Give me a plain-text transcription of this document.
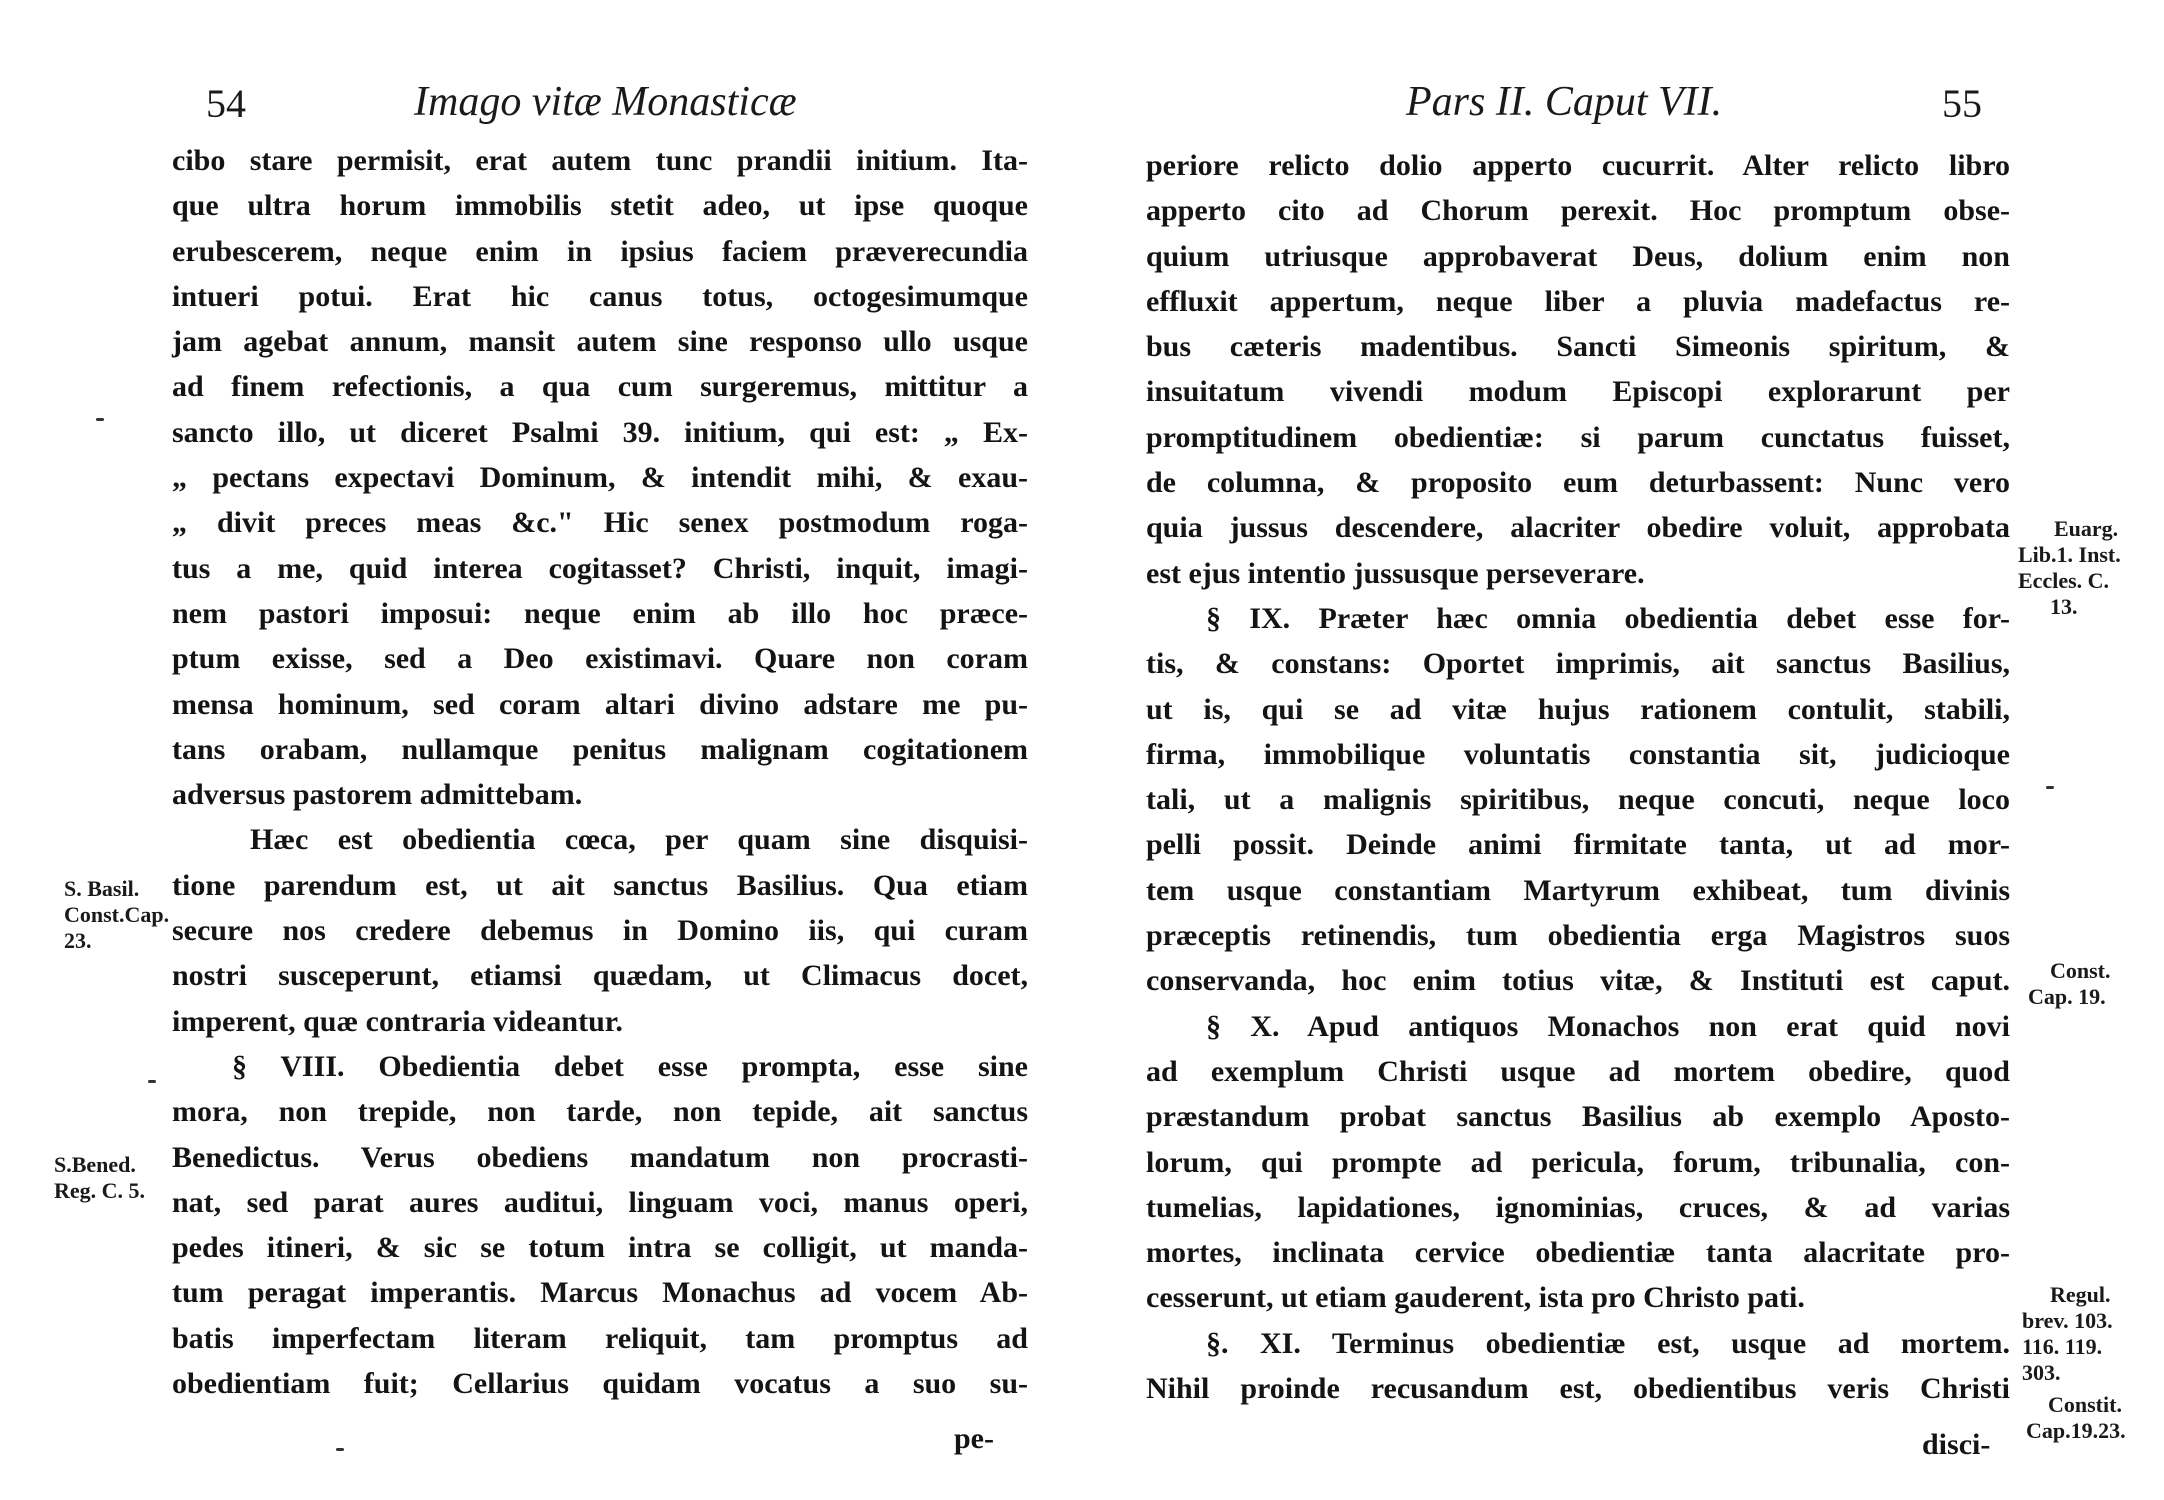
54	Imago vitæ Monasticæ
cibo stare permisit, erat autem tunc prandii initium. Ita-
que ultra horum immobilis stetit adeo, ut ipse quoque
erubescerem, neque enim in ipsius faciem præverecundia
intueri potui. Erat hic canus totus, octogesimumque
jam agebat annum, mansit autem sine responso ullo usque
ad finem refectionis, a qua cum surgeremus, mittitur a
sancto illo, ut diceret Psalmi 39. initium, qui est: „ Ex-
„ pectans expectavi Dominum, & intendit mihi, & exau-
„ divit preces meas &c." Hic senex postmodum roga-
tus a me, quid interea cogitasset? Christi, inquit, imagi-
nem pastori imposui: neque enim ab illo hoc præce-
ptum exisse, sed a Deo existimavi. Quare non coram
mensa hominum, sed coram altari divino adstare me pu-
tans orabam, nullamque penitus malignam cogitationem
adversus pastorem admittebam.
Hæc est obedientia cœca, per quam sine disquisi-
tione parendum est, ut ait sanctus Basilius. Qua etiam
secure nos credere debemus in Domino iis, qui curam
nostri susceperunt, etiamsi quædam, ut Climacus docet,
imperent, quæ contraria videantur.
§ VIII. Obedientia debet esse prompta, esse sine
mora, non trepide, non tarde, non tepide, ait sanctus
Benedictus. Verus obediens mandatum non procrasti-
nat, sed parat aures auditui, linguam voci, manus operi,
pedes itineri, & sic se totum intra se colligit, ut manda-
tum peragat imperantis. Marcus Monachus ad vocem Ab-
batis imperfectam literam reliquit, tam promptus ad
obedientiam fuit; Cellarius quidam vocatus a suo su-
pe-
S. Basil.
Const.Cap.
23.
S.Bened.
Reg. C. 5.
Pars II. Caput VII.	55
periore relicto dolio apperto cucurrit. Alter relicto libro
apperto cito ad Chorum perexit. Hoc promptum obse-
quium utriusque approbaverat Deus, dolium enim non
effluxit appertum, neque liber a pluvia madefactus re-
bus cæteris madentibus. Sancti Simeonis spiritum, &
insuitatum vivendi modum Episcopi explorarunt per
promptitudinem obedientiæ: si parum cunctatus fuisset,
de columna, & proposito eum deturbassent: Nunc vero
quia jussus descendere, alacriter obedire voluit, approbata
est ejus intentio jussusque perseverare.
§ IX. Præter hæc omnia obedientia debet esse for-
tis, & constans: Oportet imprimis, ait sanctus Basilius,
ut is, qui se ad vitæ hujus rationem contulit, stabili,
firma, immobilique voluntatis constantia sit, judicioque
tali, ut a malignis spiritibus, neque concuti, neque loco
pelli possit. Deinde animi firmitate tanta, ut ad mor-
tem usque constantiam Martyrum exhibeat, tum divinis
præceptis retinendis, tum obedientia erga Magistros suos
conservanda, hoc enim totius vitæ, & Instituti est caput.
§ X. Apud antiquos Monachos non erat quid novi
ad exemplum Christi usque ad mortem obedire, quod
præstandum probat sanctus Basilius ab exemplo Aposto-
lorum, qui prompte ad pericula, forum, tribunalia, con-
tumelias, lapidationes, ignominias, cruces, & ad varias
mortes, inclinata cervice obedientiæ tanta alacritate pro-
cesserunt, ut etiam gauderent, ista pro Christo pati.
§. XI. Terminus obedientiæ est, usque ad mortem.
Nihil proinde recusandum est, obedientibus veris Christi
disci-
Euarg.
Lib.1. Inst.
Eccles. C.
13.
Const.
Cap. 19.
Regul.
brev. 103.
116. 119.
303.
Constit.
Cap.19.23.
